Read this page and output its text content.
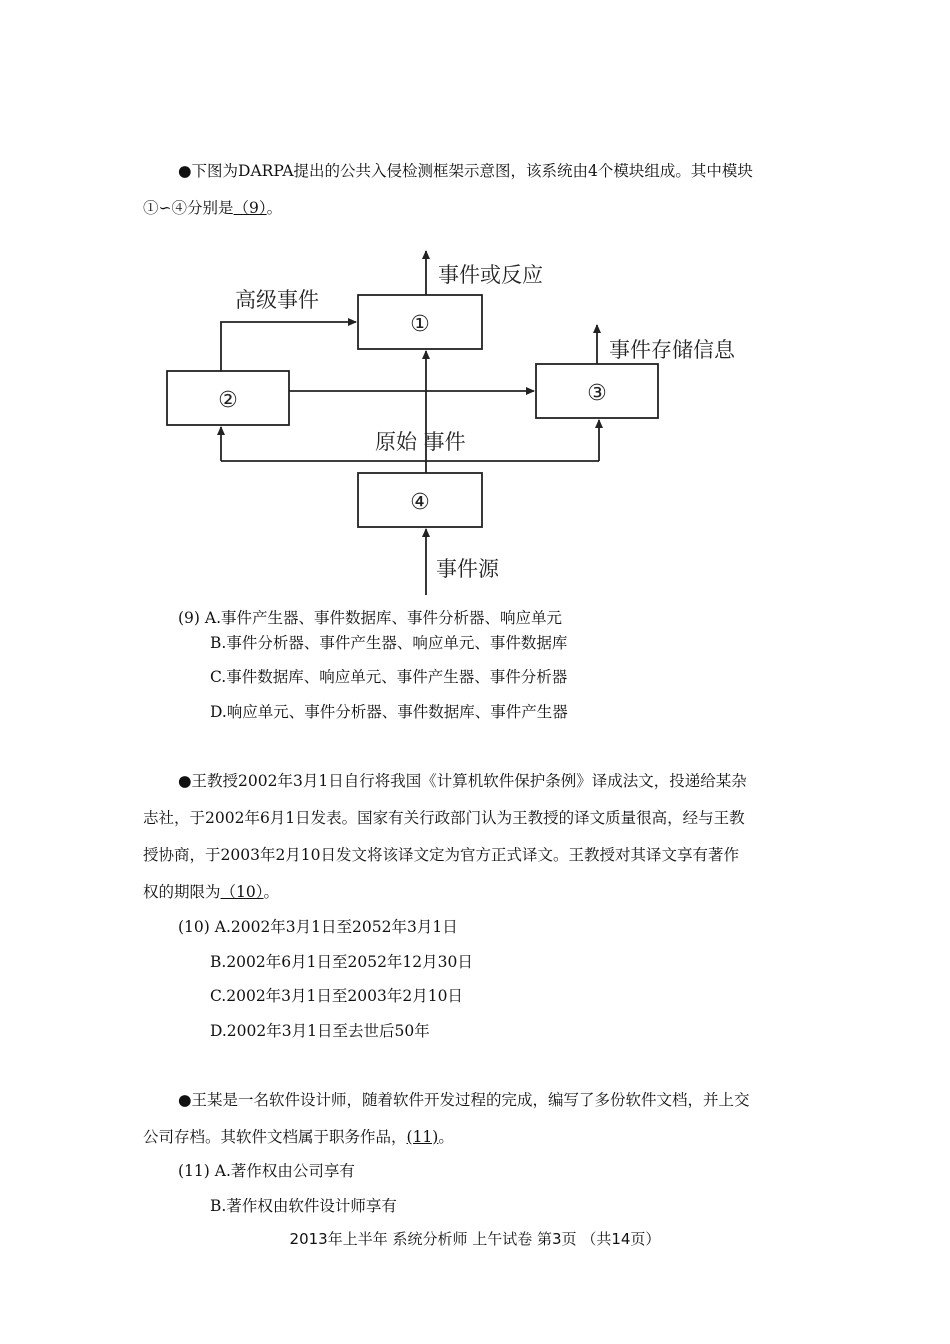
●下图为DARPA提出的公共入侵检测框架示意图，该系统由4个模块组成。其中模块
①∽④分别是（9）。
①
②	③
④
事件或反应
高级事件
事件存储信息
原始 事件
事件源
(9) A.事件产生器、事件数据库、事件分析器、响应单元
B.事件分析器、事件产生器、响应单元、事件数据库
C.事件数据库、响应单元、事件产生器、事件分析器
D.响应单元、事件分析器、事件数据库、事件产生器
●王教授2002年3月1日自行将我国《计算机软件保护条例》译成法文，投递给某杂
志社，于2002年6月1日发表。国家有关行政部门认为王教授的译文质量很高，经与王教
授协商，于2003年2月10日发文将该译文定为官方正式译文。王教授对其译文享有著作
权的期限为（10）。
(10) A.2002年3月1日至2052年3月1日
B.2002年6月1日至2052年12月30日
C.2002年3月1日至2003年2月10日
D.2002年3月1日至去世后50年
●王某是一名软件设计师，随着软件开发过程的完成，编写了多份软件文档，并上交
公司存档。其软件文档属于职务作品，(11)。
(11) A.著作权由公司享有
B.著作权由软件设计师享有
2013年上半年 系统分析师 上午试卷 第3页 （共14页）
